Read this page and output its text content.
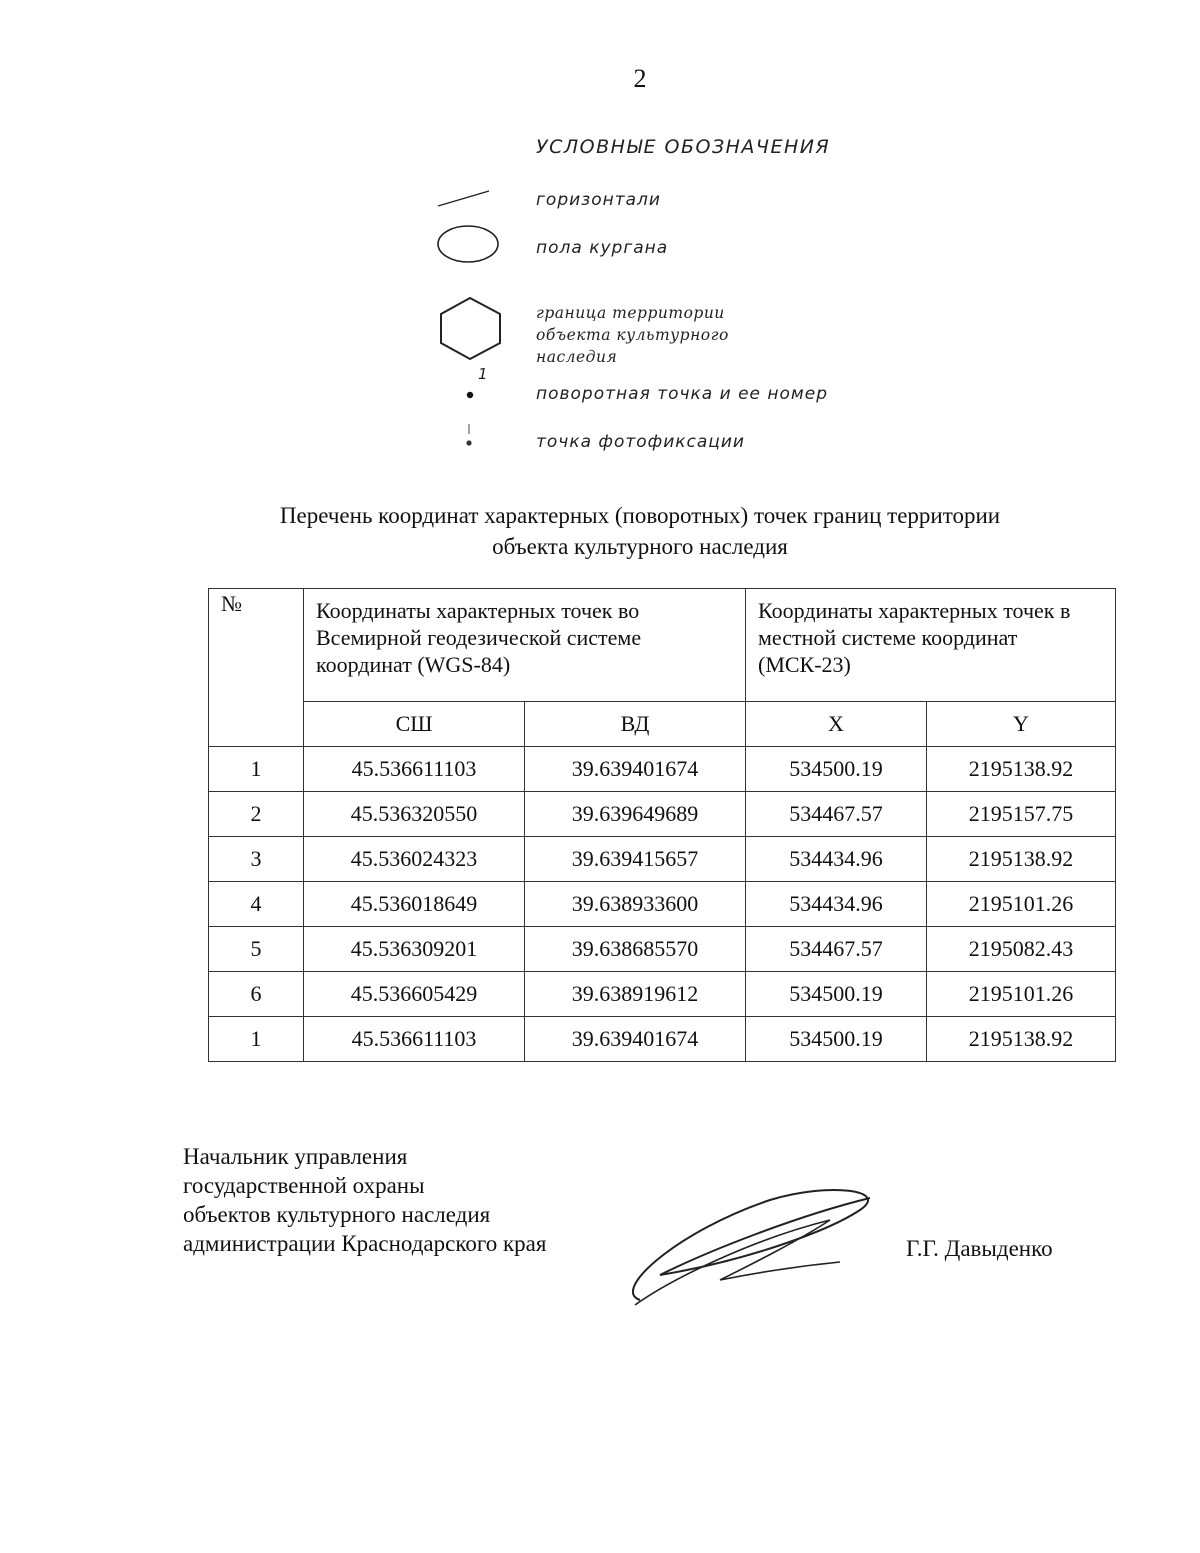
2
УСЛОВНЫЕ ОБОЗНАЧЕНИЯ
1
горизонтали
пола кургана
граница территории
объекта культурного
наследия
поворотная точка и ее номер
точка фотофиксации
Перечень координат характерных (поворотных) точек границ территории
объекта культурного наследия
№	Координаты характерных точек во Всемирной геодезической системе координат (WGS-84)		Координаты характерных точек в местной системе координат (МСК-23)	
	СШ	ВД	X	Y
1	45.536611103	39.639401674	534500.19	2195138.92
2	45.536320550	39.639649689	534467.57	2195157.75
3	45.536024323	39.639415657	534434.96	2195138.92
4	45.536018649	39.638933600	534434.96	2195101.26
5	45.536309201	39.638685570	534467.57	2195082.43
6	45.536605429	39.638919612	534500.19	2195101.26
1	45.536611103	39.639401674	534500.19	2195138.92
Начальник управления
государственной охраны
объектов культурного наследия
администрации Краснодарского края	Г.Г. Давыденко
